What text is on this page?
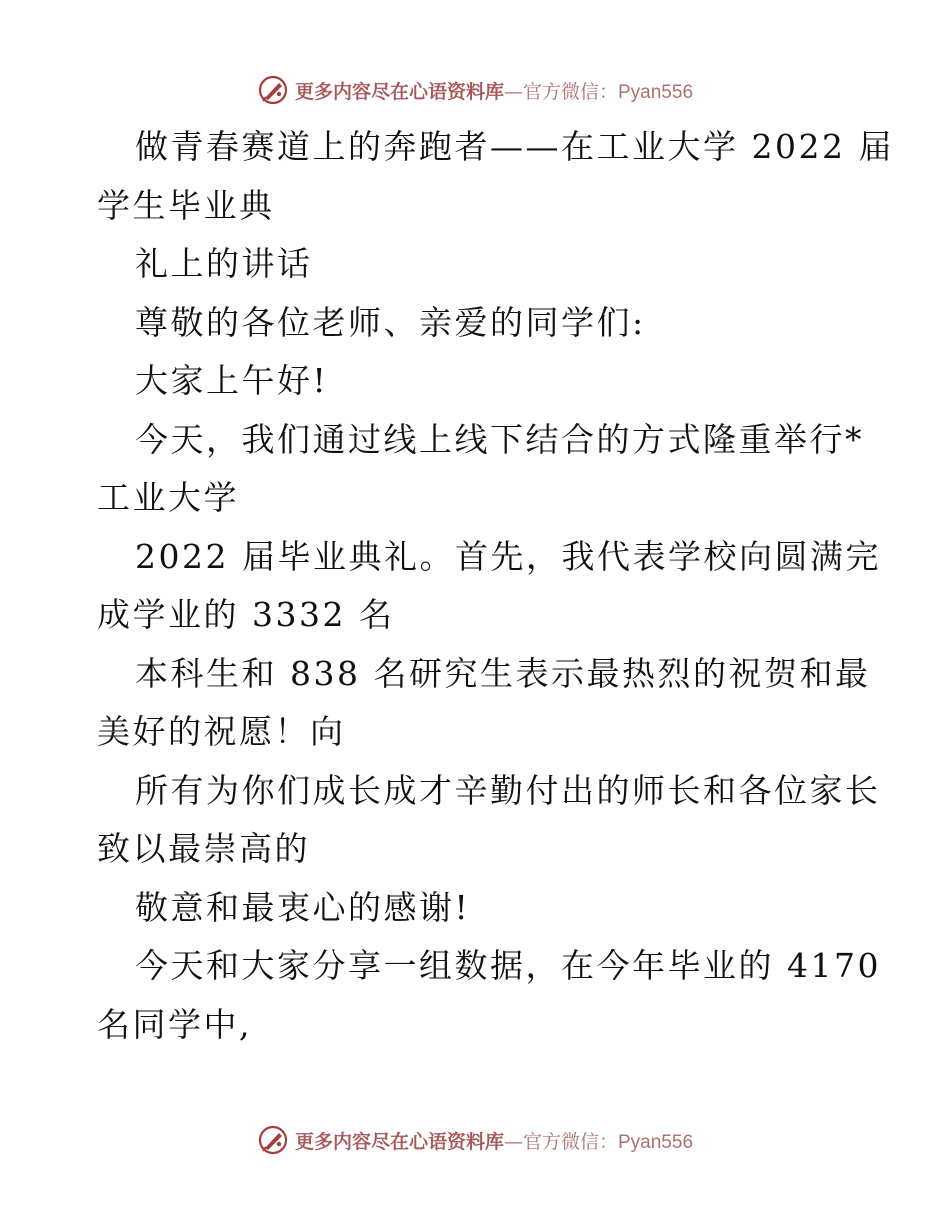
更多内容尽在心语资料库—官方微信：Pyan556
做青春赛道上的奔跑者——在工业大学 2022 届
学生毕业典
礼上的讲话
尊敬的各位老师、亲爱的同学们:
大家上午好!
今天，我们通过线上线下结合的方式隆重举行*
工业大学
2022 届毕业典礼。首先，我代表学校向圆满完
成学业的 3332 名
本科生和 838 名研究生表示最热烈的祝贺和最
美好的祝愿！向
所有为你们成长成才辛勤付出的师长和各位家长
致以最崇高的
敬意和最衷心的感谢!
今天和大家分享一组数据，在今年毕业的 4170
名同学中,
更多内容尽在心语资料库—官方微信：Pyan556
